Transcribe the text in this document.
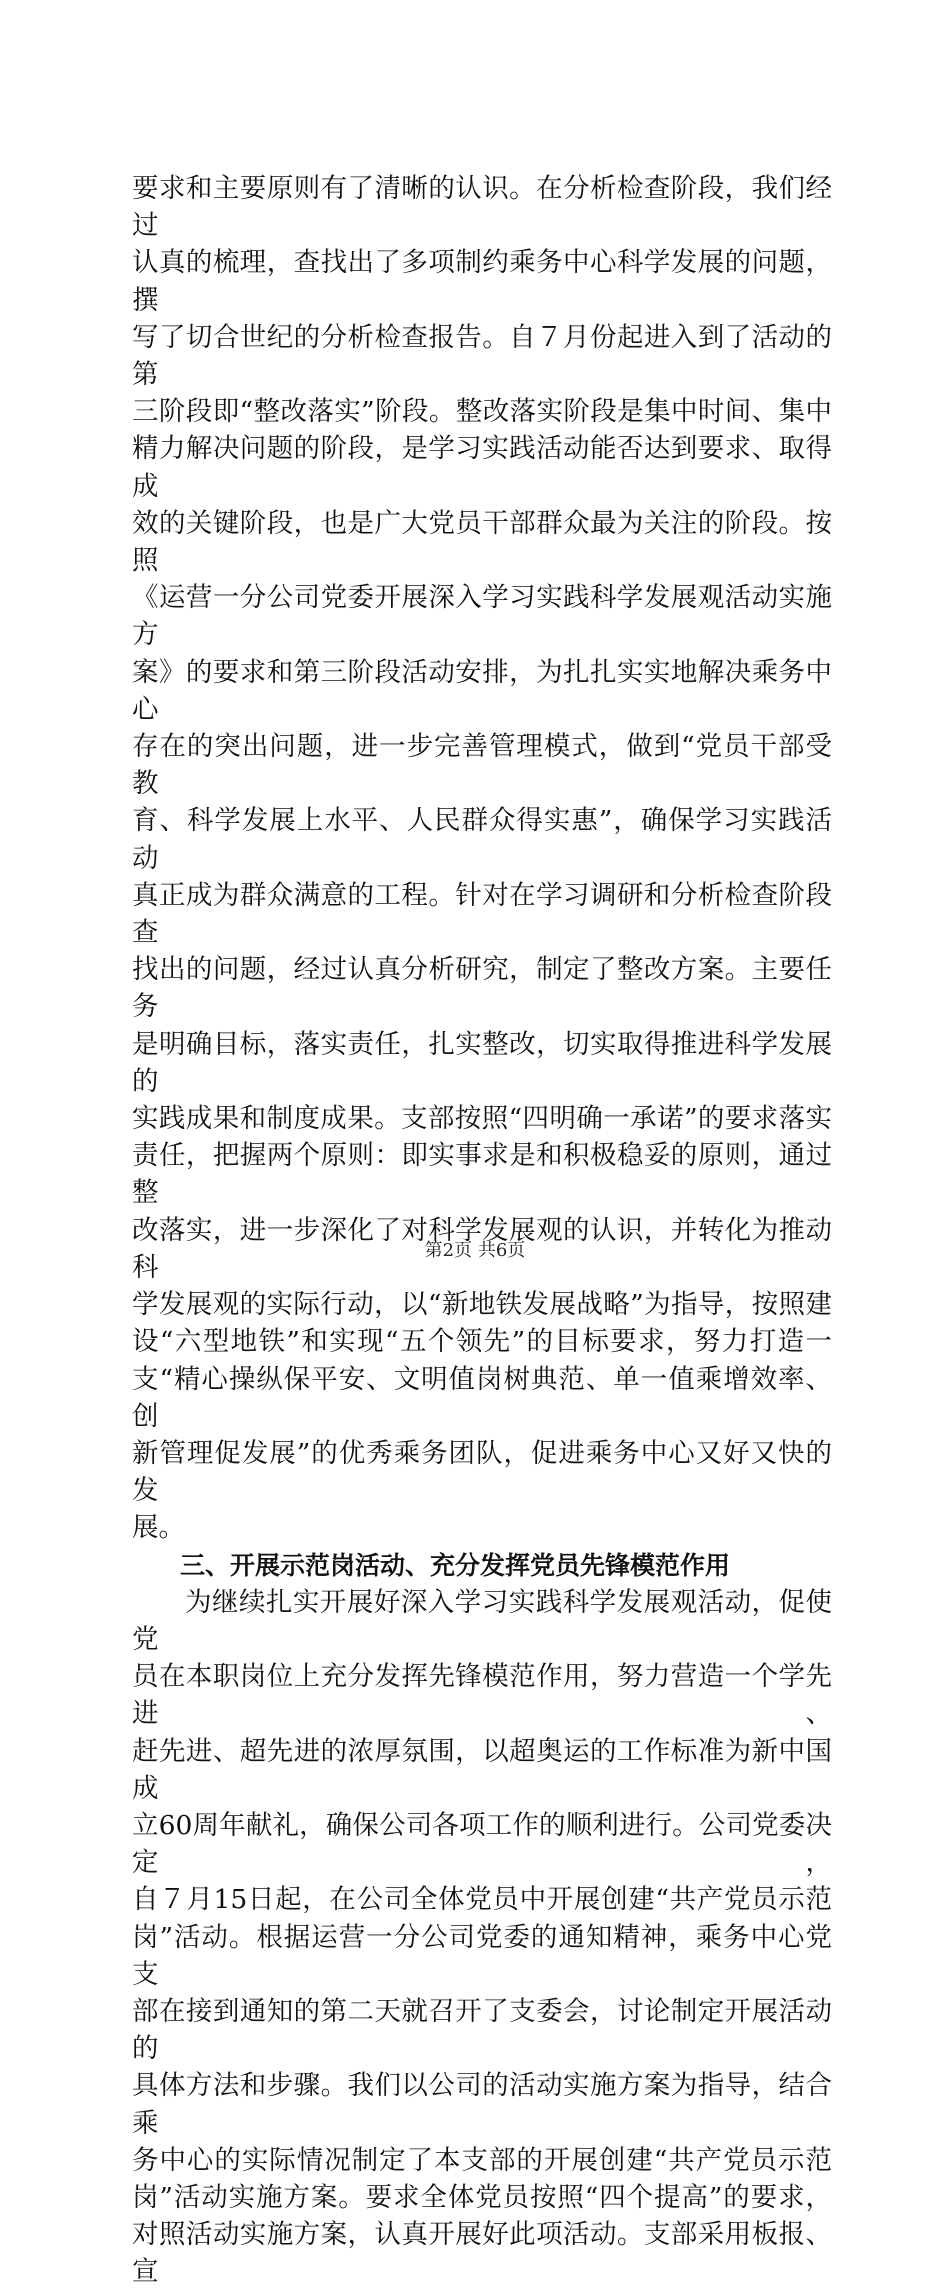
要求和主要原则有了清晰的认识。在分析检查阶段，我们经过

认真的梳理，查找出了多项制约乘务中心科学发展的问题，撰

写了切合世纪的分析检查报告。自７月份起进入到了活动的第

三阶段即“整改落实”阶段。整改落实阶段是集中时间、集中

精力解决问题的阶段，是学习实践活动能否达到要求、取得成

效的关键阶段，也是广大党员干部群众最为关注的阶段。按照

《运营一分公司党委开展深入学习实践科学发展观活动实施方

案》的要求和第三阶段活动安排，为扎扎实实地解决乘务中心

存在的突出问题，进一步完善管理模式，做到“党员干部受教

育、科学发展上水平、人民群众得实惠”，确保学习实践活动

真正成为群众满意的工程。针对在学习调研和分析检查阶段查

找出的问题，经过认真分析研究，制定了整改方案。主要任务

是明确目标，落实责任，扎实整改，切实取得推进科学发展的

实践成果和制度成果。支部按照“四明确一承诺”的要求落实

责任，把握两个原则：即实事求是和积极稳妥的原则，通过整

改落实，进一步深化了对科学发展观的认识，并转化为推动科

学发展观的实际行动，以“新地铁发展战略”为指导，按照建

设“六型地铁”和实现“五个领先”的目标要求，努力打造一

支“精心操纵保平安、文明值岗树典范、单一值乘增效率、创

新管理促发展”的优秀乘务团队，促进乘务中心又好又快的发

展。

三、开展示范岗活动、充分发挥党员先锋模范作用

为继续扎实开展好深入学习实践科学发展观活动，促使党

员在本职岗位上充分发挥先锋模范作用，努力营造一个学先进、

赶先进、超先进的浓厚氛围，以超奥运的工作标准为新中国成

立60周年献礼，确保公司各项工作的顺利进行。公司党委决定，

自７月15日起，在公司全体党员中开展创建“共产党员示范

岗”活动。根据运营一分公司党委的通知精神，乘务中心党支

部在接到通知的第二天就召开了支委会，讨论制定开展活动的

具体方法和步骤。我们以公司的活动实施方案为指导，结合乘

务中心的实际情况制定了本支部的开展创建“共产党员示范

岗”活动实施方案。要求全体党员按照“四个提高”的要求，

对照活动实施方案，认真开展好此项活动。支部采用板报、宣

第2页 共6页
